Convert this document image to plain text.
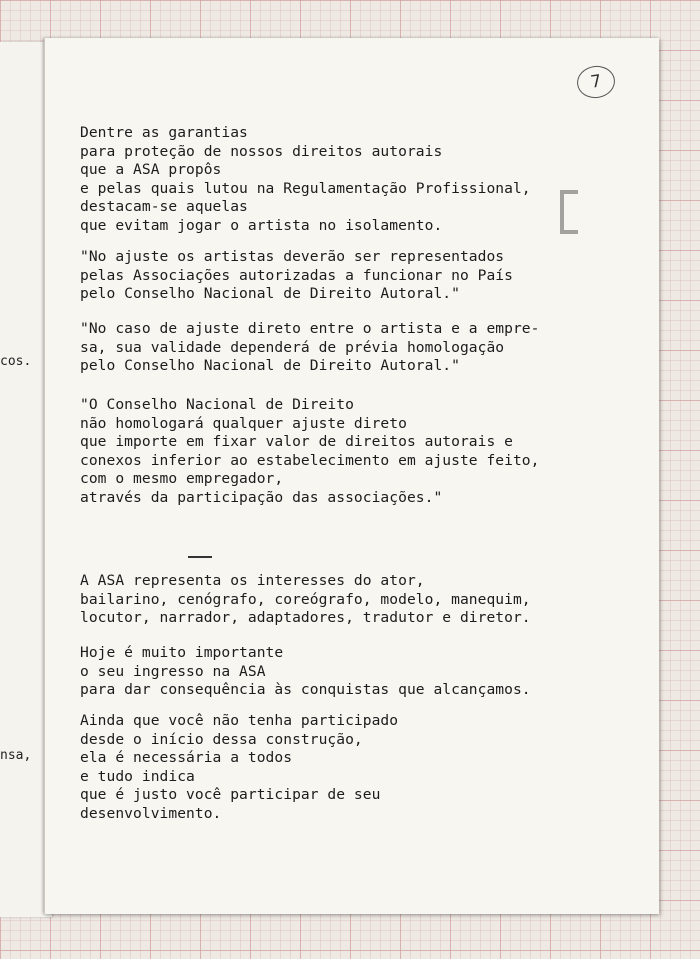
cos.
nsa,
7
Dentre as garantias
para proteção de nossos direitos autorais
que a ASA propôs
e pelas quais lutou na Regulamentação Profissional,
destacam-se aquelas
que evitam jogar o artista no isolamento.
"No ajuste os artistas deverão ser representados
pelas Associações autorizadas a funcionar no País
pelo Conselho Nacional de Direito Autoral."
"No caso de ajuste direto entre o artista e a empre-
sa, sua validade dependerá de prévia homologação
pelo Conselho Nacional de Direito Autoral."
"O Conselho Nacional de Direito
não homologará qualquer ajuste direto
que importe em fixar valor de direitos autorais e
conexos inferior ao estabelecimento em ajuste feito,
com o mesmo empregador,
através da participação das associações."
A ASA representa os interesses do ator,
bailarino, cenógrafo, coreógrafo, modelo, manequim,
locutor, narrador, adaptadores, tradutor e diretor.
Hoje é muito importante
o seu ingresso na ASA
para dar consequência às conquistas que alcançamos.
Ainda que você não tenha participado
desde o início dessa construção,
ela é necessária a todos
e tudo indica
que é justo você participar de seu
desenvolvimento.
